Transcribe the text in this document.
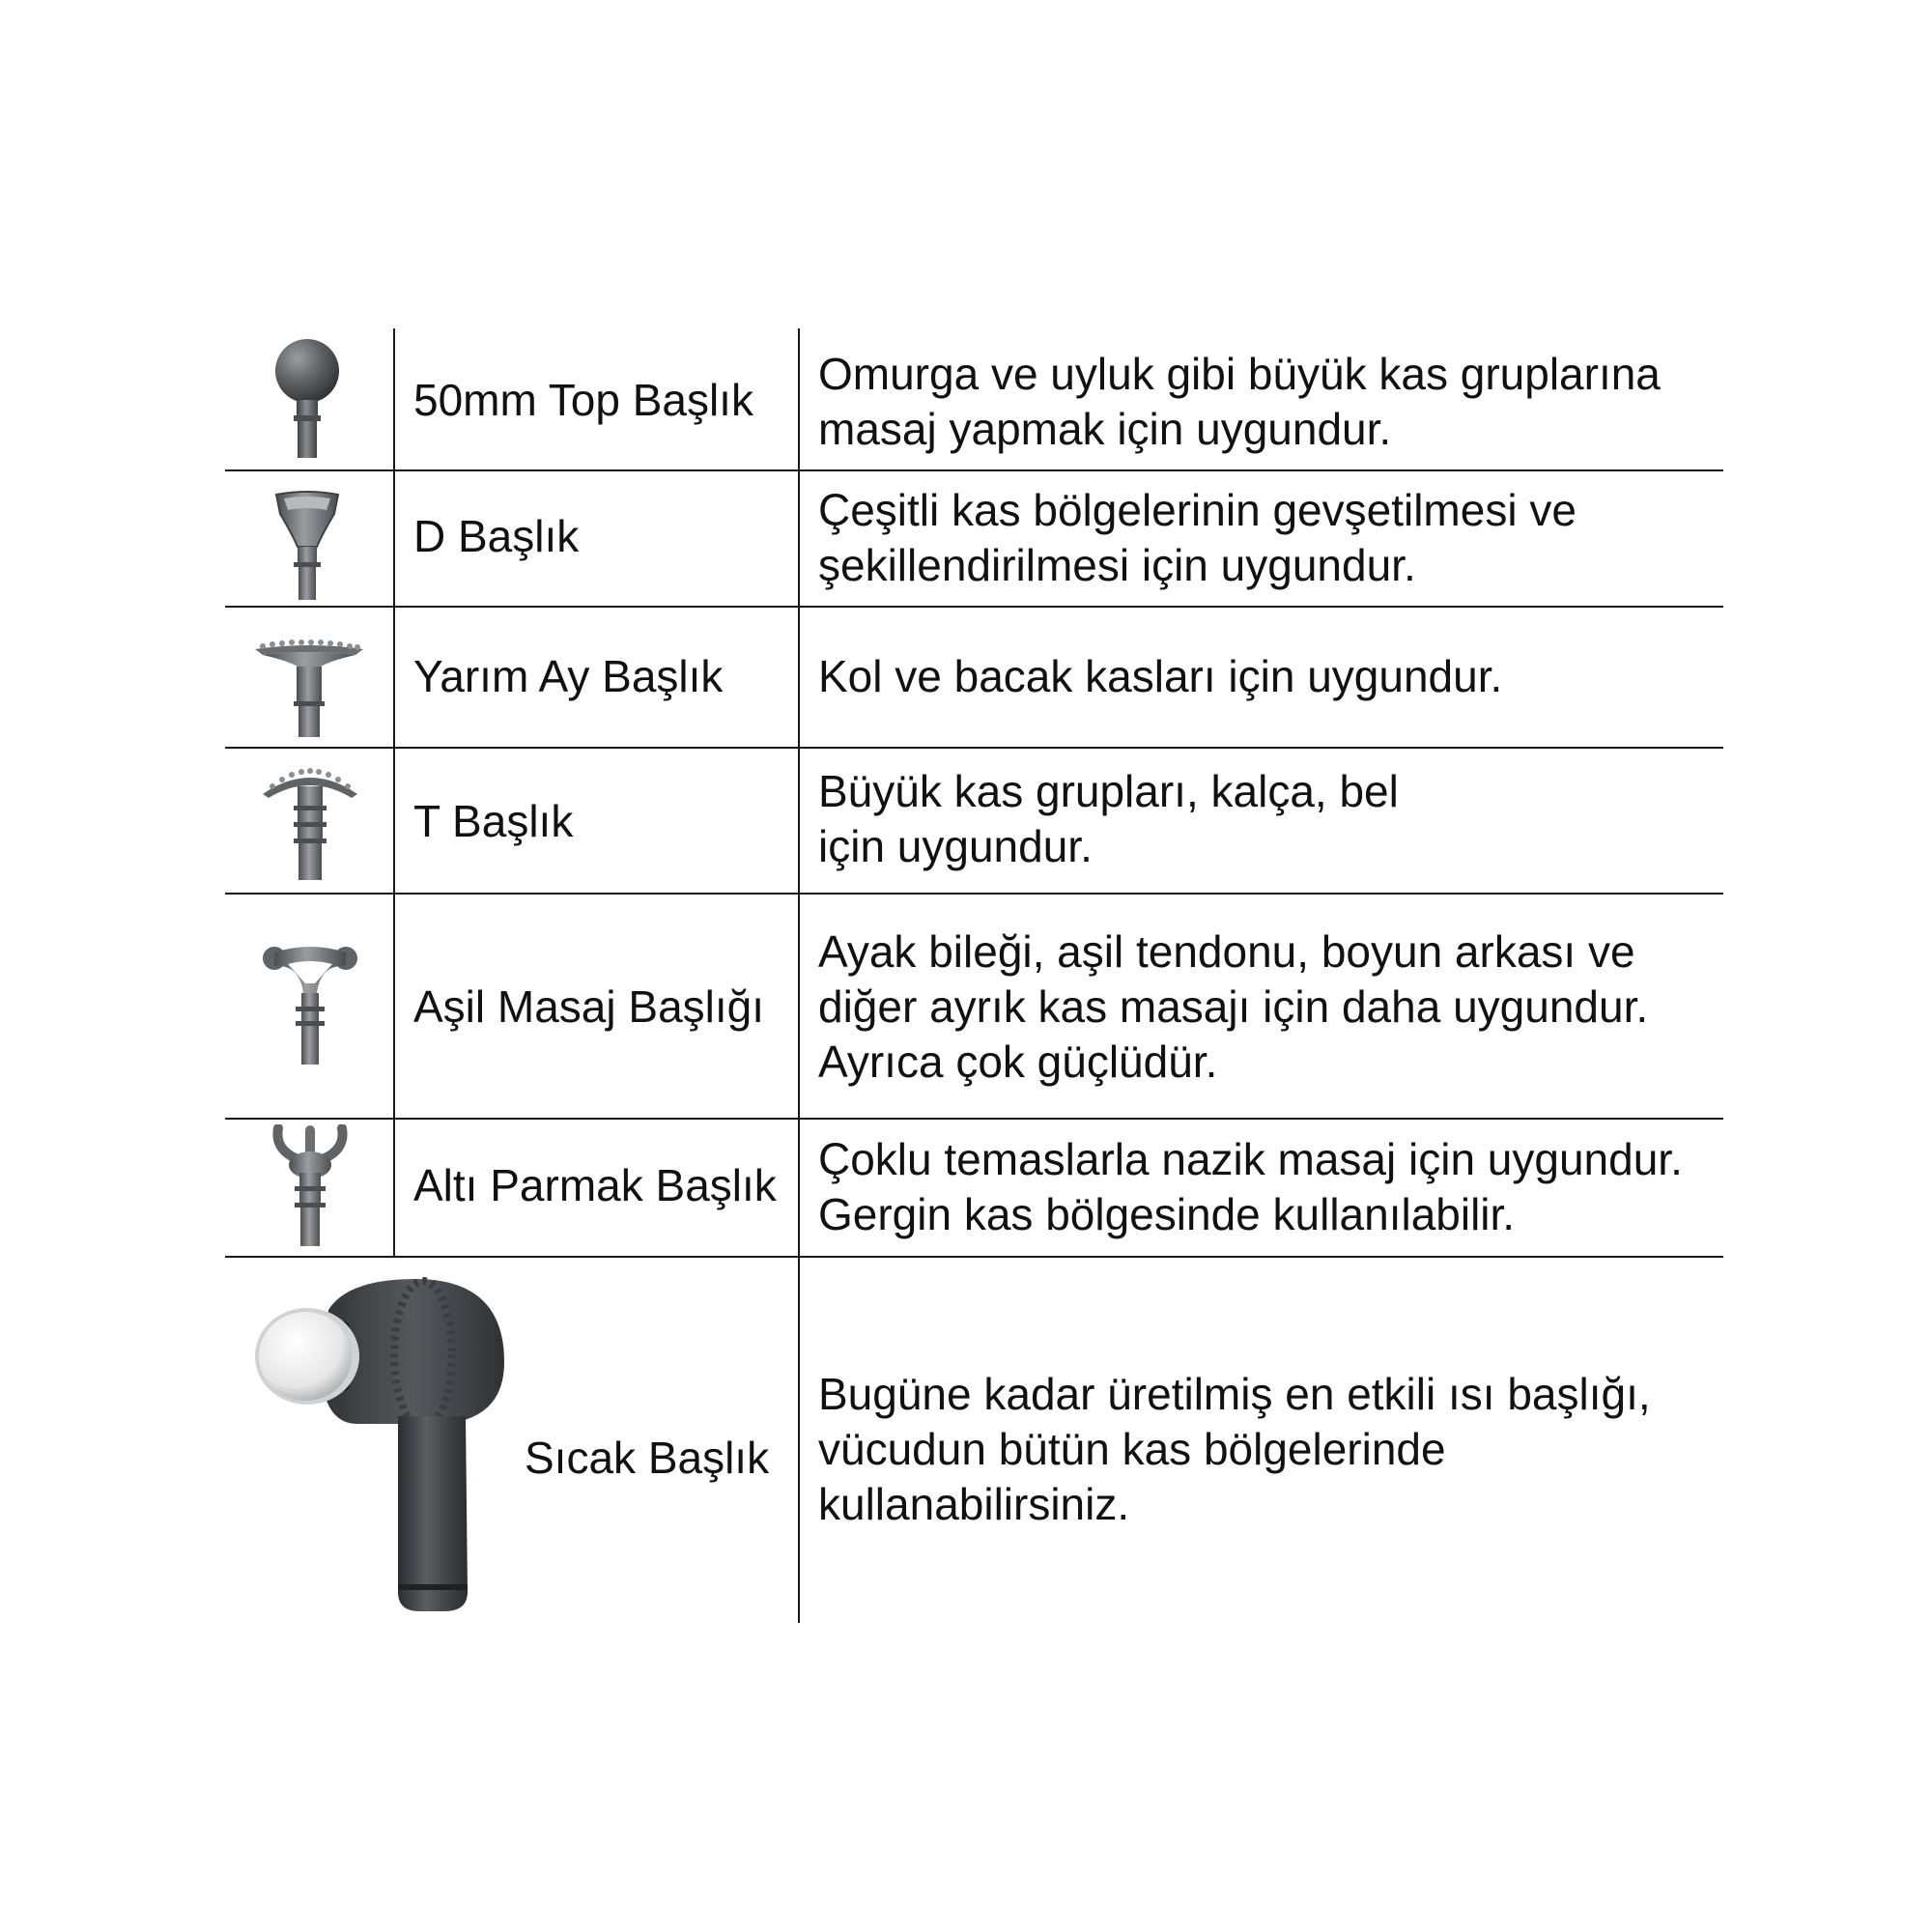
50mm Top Başlık
Omurga ve uyluk gibi büyük kas gruplarına
masaj yapmak için uygundur.
D Başlık
Çeşitli kas bölgelerinin gevşetilmesi ve
şekillendirilmesi için uygundur.
Yarım Ay Başlık Kol ve bacak kasları için uygundur.
T Başlık
Büyük kas grupları, kalça, bel
için uygundur.
Aşil Masaj Başlığı
Ayak bileği, aşil tendonu, boyun arkası ve
diğer ayrık kas masajı için daha uygundur.
Ayrıca çok güçlüdür.
Altı Parmak Başlık
Çoklu temaslarla nazik masaj için uygundur.
Gergin kas bölgesinde kullanılabilir.
Sıcak Başlık
Bugüne kadar üretilmiş en etkili ısı başlığı,
vücudun bütün kas bölgelerinde
kullanabilirsiniz.
